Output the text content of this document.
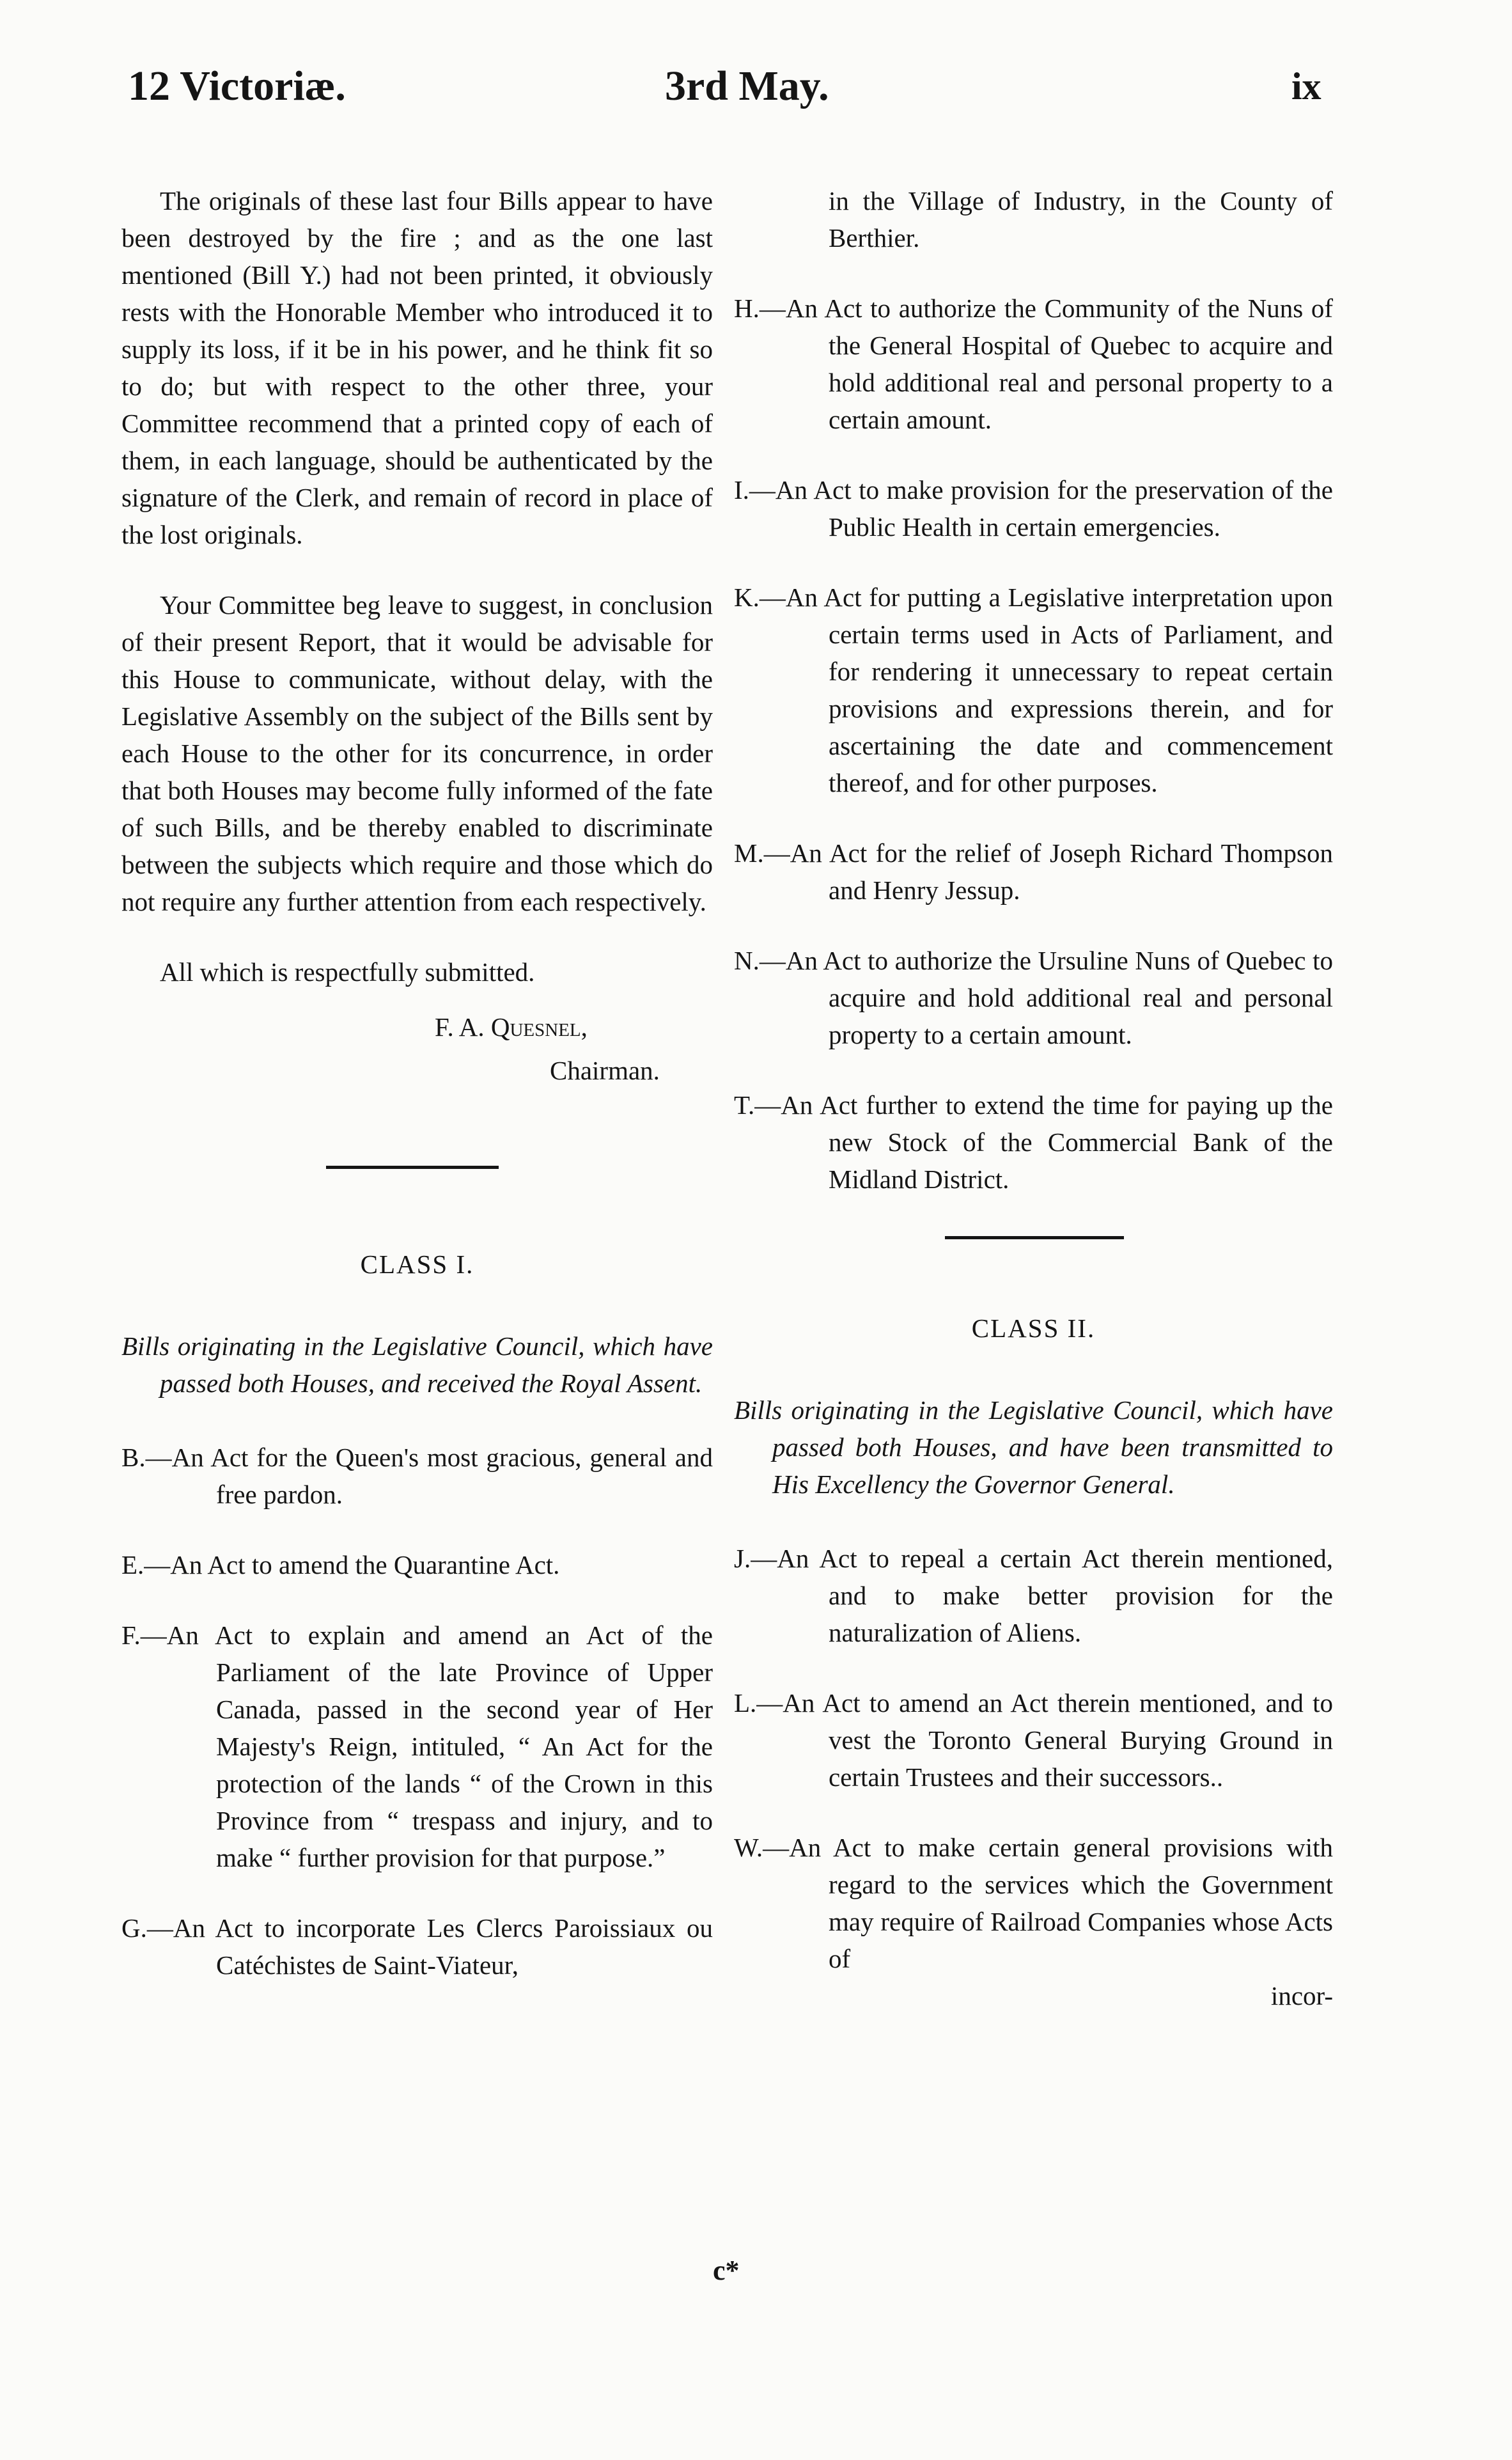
12 Victoriæ.	3rd May.	ix

The originals of these last four Bills appear to have been destroyed by the fire ; and as the one last mentioned (Bill Y.) had not been printed, it obviously rests with the Honorable Member who introduced it to supply its loss, if it be in his power, and he think fit so to do; but with respect to the other three, your Committee recommend that a printed copy of each of them, in each language, should be authenticated by the signature of the Clerk, and remain of record in place of the lost originals.

Your Committee beg leave to suggest, in conclusion of their present Report, that it would be advisable for this House to communicate, without delay, with the Legislative Assembly on the subject of the Bills sent by each House to the other for its concurrence, in order that both Houses may become fully informed of the fate of such Bills, and be thereby enabled to discriminate between the subjects which require and those which do not require any further attention from each respectively.

All which is respectfully submitted.

F. A. Quesnel,
Chairman.
CLASS I.

Bills originating in the Legislative Council, which have passed both Houses, and received the Royal Assent.

B.—An Act for the Queen's most gracious, general and free pardon.

E.—An Act to amend the Quarantine Act.

F.—An Act to explain and amend an Act of the Parliament of the late Province of Upper Canada, passed in the second year of Her Majesty's Reign, intituled, “ An Act for the protection of the lands “ of the Crown in this Province from “ trespass and injury, and to make “ further provision for that purpose.”

G.—An Act to incorporate Les Clercs Paroissiaux ou Catéchistes de Saint-Viateur,

in the Village of Industry, in the County of Berthier.

H.—An Act to authorize the Community of the Nuns of the General Hospital of Quebec to acquire and hold additional real and personal property to a certain amount.

I.—An Act to make provision for the preservation of the Public Health in certain emergencies.

K.—An Act for putting a Legislative interpretation upon certain terms used in Acts of Parliament, and for rendering it unnecessary to repeat certain provisions and expressions therein, and for ascertaining the date and commencement thereof, and for other purposes.

M.—An Act for the relief of Joseph Richard Thompson and Henry Jessup.

N.—An Act to authorize the Ursuline Nuns of Quebec to acquire and hold additional real and personal property to a certain amount.

T.—An Act further to extend the time for paying up the new Stock of the Commercial Bank of the Midland District.

CLASS II.

Bills originating in the Legislative Council, which have passed both Houses, and have been transmitted to His Excellency the Governor General.

J.—An Act to repeal a certain Act therein mentioned, and to make better provision for the naturalization of Aliens.

L.—An Act to amend an Act therein mentioned, and to vest the Toronto General Burying Ground in certain Trustees and their successors..

W.—An Act to make certain general provisions with regard to the services which the Government may require of Railroad Companies whose Acts of

incor-
c*
